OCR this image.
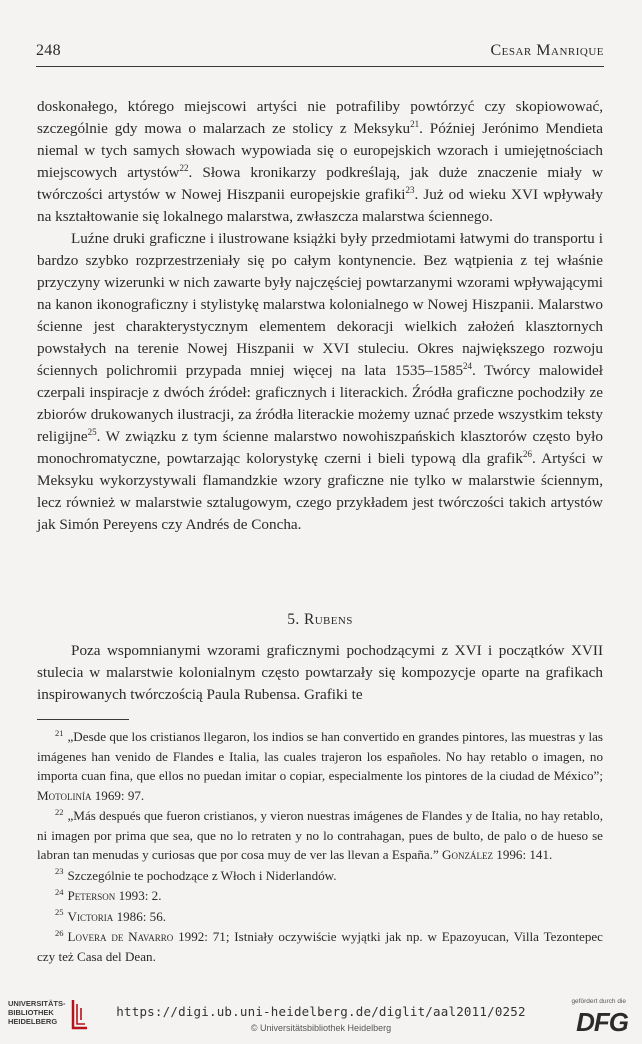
248	Cesar Manrique

doskonałego, którego miejscowi artyści nie potrafiliby powtórzyć czy skopiowować, szczególnie gdy mowa o malarzach ze stolicy z Meksyku$^{21}$. Później Jerónimo Mendieta niemal w tych samych słowach wypowiada się o europejskich wzorach i umiejętnościach miejscowych artystów$^{22}$. Słowa kronikarzy podkreślają, jak duże znaczenie miały w twórczości artystów w Nowej Hiszpanii europejskie grafiki$^{23}$. Już od wieku XVI wpływały na kształtowanie się lokalnego malarstwa, zwłaszcza malarstwa ściennego.

Luźne druki graficzne i ilustrowane książki były przedmiotami łatwymi do transportu i bardzo szybko rozprzestrzeniały się po całym kontynencie. Bez wątpienia z tej właśnie przyczyny wizerunki w nich zawarte były najczęściej powtarzanymi wzorami wpływającymi na kanon ikonograficzny i stylistykę malarstwa kolonialnego w Nowej Hiszpanii. Malarstwo ścienne jest charakterystycznym elementem dekoracji wielkich założeń klasztornych powstałych na terenie Nowej Hiszpanii w XVI stuleciu. Okres największego rozwoju ściennych polichromii przypada mniej więcej na lata 1535–1585$^{24}$. Twórcy malowideł czerpali inspiracje z dwóch źródeł: graficznych i literackich. Źródła graficzne pochodziły ze zbiorów drukowanych ilustracji, za źródła literackie możemy uznać przede wszystkim teksty religijne$^{25}$. W związku z tym ścienne malarstwo nowohiszpańskich klasztorów często było monochromatyczne, powtarzając kolorystykę czerni i bieli typową dla grafik$^{26}$. Artyści w Meksyku wykorzystywali flamandzkie wzory graficzne nie tylko w malarstwie ściennym, lecz również w malarstwie sztalugowym, czego przykładem jest twórczości takich artystów jak Simón Pereyens czy Andrés de Concha.

5. Rubens

Poza wspomnianymi wzorami graficznymi pochodzącymi z XVI i początków XVII stulecia w malarstwie kolonialnym często powtarzały się kompozycje oparte na grafikach inspirowanych twórczością Paula Rubensa. Grafiki te

$^{21}$ „Desde que los cristianos llegaron, los indios se han convertido en grandes pintores, las muestras y las imágenes han venido de Flandes e Italia, las cuales trajeron los españoles. No hay retablo o imagen, no importa cuan fina, que ellos no puedan imitar o copiar, especialmente los pintores de la ciudad de México”; Motolinía 1969: 97.

$^{22}$ „Más después que fueron cristianos, y vieron nuestras imágenes de Flandes y de Italia, no hay retablo, ni imagen por prima que sea, que no lo retraten y no lo contrahagan, pues de bulto, de palo o de hueso se labran tan menudas y curiosas que por cosa muy de ver las llevan a España.” González 1996: 141.

$^{23}$ Szczególnie te pochodzące z Włoch i Niderlandów.

$^{24}$ Peterson 1993: 2.

$^{25}$ Victoria 1986: 56.

$^{26}$ Lovera de Navarro 1992: 71; Istniały oczywiście wyjątki jak np. w Epazoyucan, Villa Tezontepec czy też Casa del Dean.

UNIVERSITÄTS-
BIBLIOTHEK
HEIDELBERG
https://digi.ub.uni-heidelberg.de/diglit/aal2011/0252
© Universitätsbibliothek Heidelberg
gefördert durch die
DFG
